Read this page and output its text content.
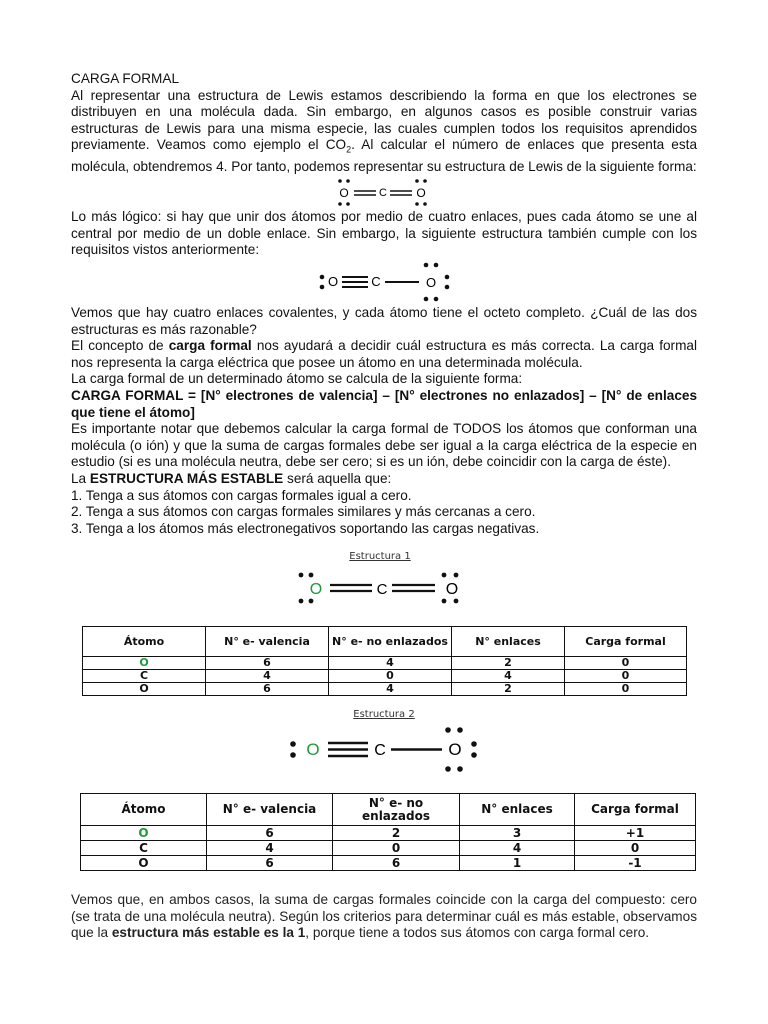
CARGA FORMAL

Al representar una estructura de Lewis estamos describiendo la forma en que los electrones se distribuyen en una molécula dada. Sin embargo, en algunos casos es posible construir varias estructuras de Lewis para una misma especie, las cuales cumplen todos los requisitos aprendidos previamente. Veamos como ejemplo el $CO_2$. Al calcular el número de enlaces que presenta esta molécula, obtendremos 4. Por tanto, podemos representar su estructura de Lewis de la siguiente forma:

O	C O

Lo más lógico: si hay que unir dos átomos por medio de cuatro enlaces, pues cada átomo se une al central por medio de un doble enlace. Sin embargo, la siguiente estructura también cumple con los requisitos vistos anteriormente:

O	C	O

Vemos que hay cuatro enlaces covalentes, y cada átomo tiene el octeto completo. ¿Cuál de las dos estructuras es más razonable?

El concepto de carga formal nos ayudará a decidir cuál estructura es más correcta. La carga formal nos representa la carga eléctrica que posee un átomo en una determinada molécula.

La carga formal de un determinado átomo se calcula de la siguiente forma:

CARGA FORMAL = [N° electrones de valencia] – [N° electrones no enlazados] – [N° de enlaces que tiene el átomo]

Es importante notar que debemos calcular la carga formal de TODOS los átomos que conforman una molécula (o ión) y que la suma de cargas formales debe ser igual a la carga eléctrica de la especie en estudio (si es una molécula neutra, debe ser cero; si es un ión, debe coincidir con la carga de éste).

La ESTRUCTURA MÁS ESTABLE será aquella que:

1. Tenga a sus átomos con cargas formales igual a cero.

2. Tenga a sus átomos con cargas formales similares y más cercanas a cero.

3. Tenga a los átomos más electronegativos soportando las cargas negativas.

Estructura 1
O	C	O
Átomo	N° e- valencia	N° e- no enlazados	N° enlaces	Carga formal
O	6	4	2	0
C	4	0	4	0
O	6	4	2	0
Estructura 2
O	C	O
Átomo	N° e- valencia	N° e- no enlazados	N° enlaces	Carga formal
O	6	2	3	+1
C	4	0	4	0
O	6	6	1	-1

Vemos que, en ambos casos, la suma de cargas formales coincide con la carga del compuesto: cero (se trata de una molécula neutra). Según los criterios para determinar cuál es más estable, observamos que la estructura más estable es la 1, porque tiene a todos sus átomos con carga formal cero.
